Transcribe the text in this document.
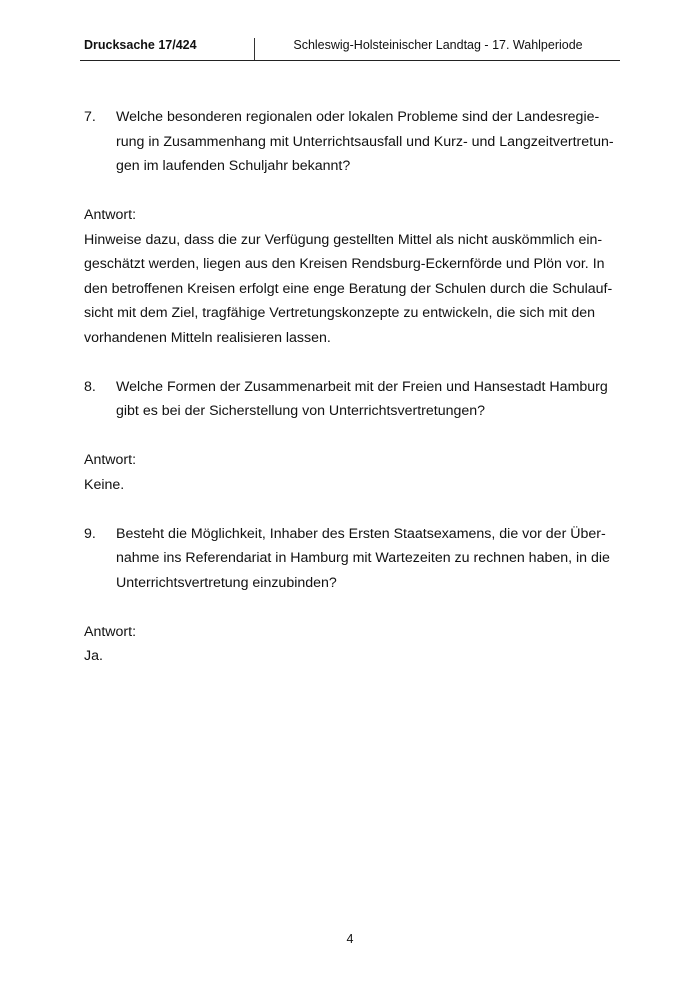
Drucksache 17/424	Schleswig-Holsteinischer Landtag - 17. Wahlperiode
7.	Welche besonderen regionalen oder lokalen Probleme sind der Landesregie-
rung in Zusammenhang mit Unterrichtsausfall und Kurz- und Langzeitvertretun-
gen im laufenden Schuljahr bekannt?
Antwort:
Hinweise dazu, dass die zur Verfügung gestellten Mittel als nicht auskömmlich ein-
geschätzt werden, liegen aus den Kreisen Rendsburg-Eckernförde und Plön vor. In
den betroffenen Kreisen erfolgt eine enge Beratung der Schulen durch die Schulauf-
sicht mit dem Ziel, tragfähige Vertretungskonzepte zu entwickeln, die sich mit den
vorhandenen Mitteln realisieren lassen.
8.	Welche Formen der Zusammenarbeit mit der Freien und Hansestadt Hamburg
gibt es bei der Sicherstellung von Unterrichtsvertretungen?
Antwort:
Keine.
9.	Besteht die Möglichkeit, Inhaber des Ersten Staatsexamens, die vor der Über-
nahme ins Referendariat in Hamburg mit Wartezeiten zu rechnen haben, in die
Unterrichtsvertretung einzubinden?
Antwort:
Ja.
4
